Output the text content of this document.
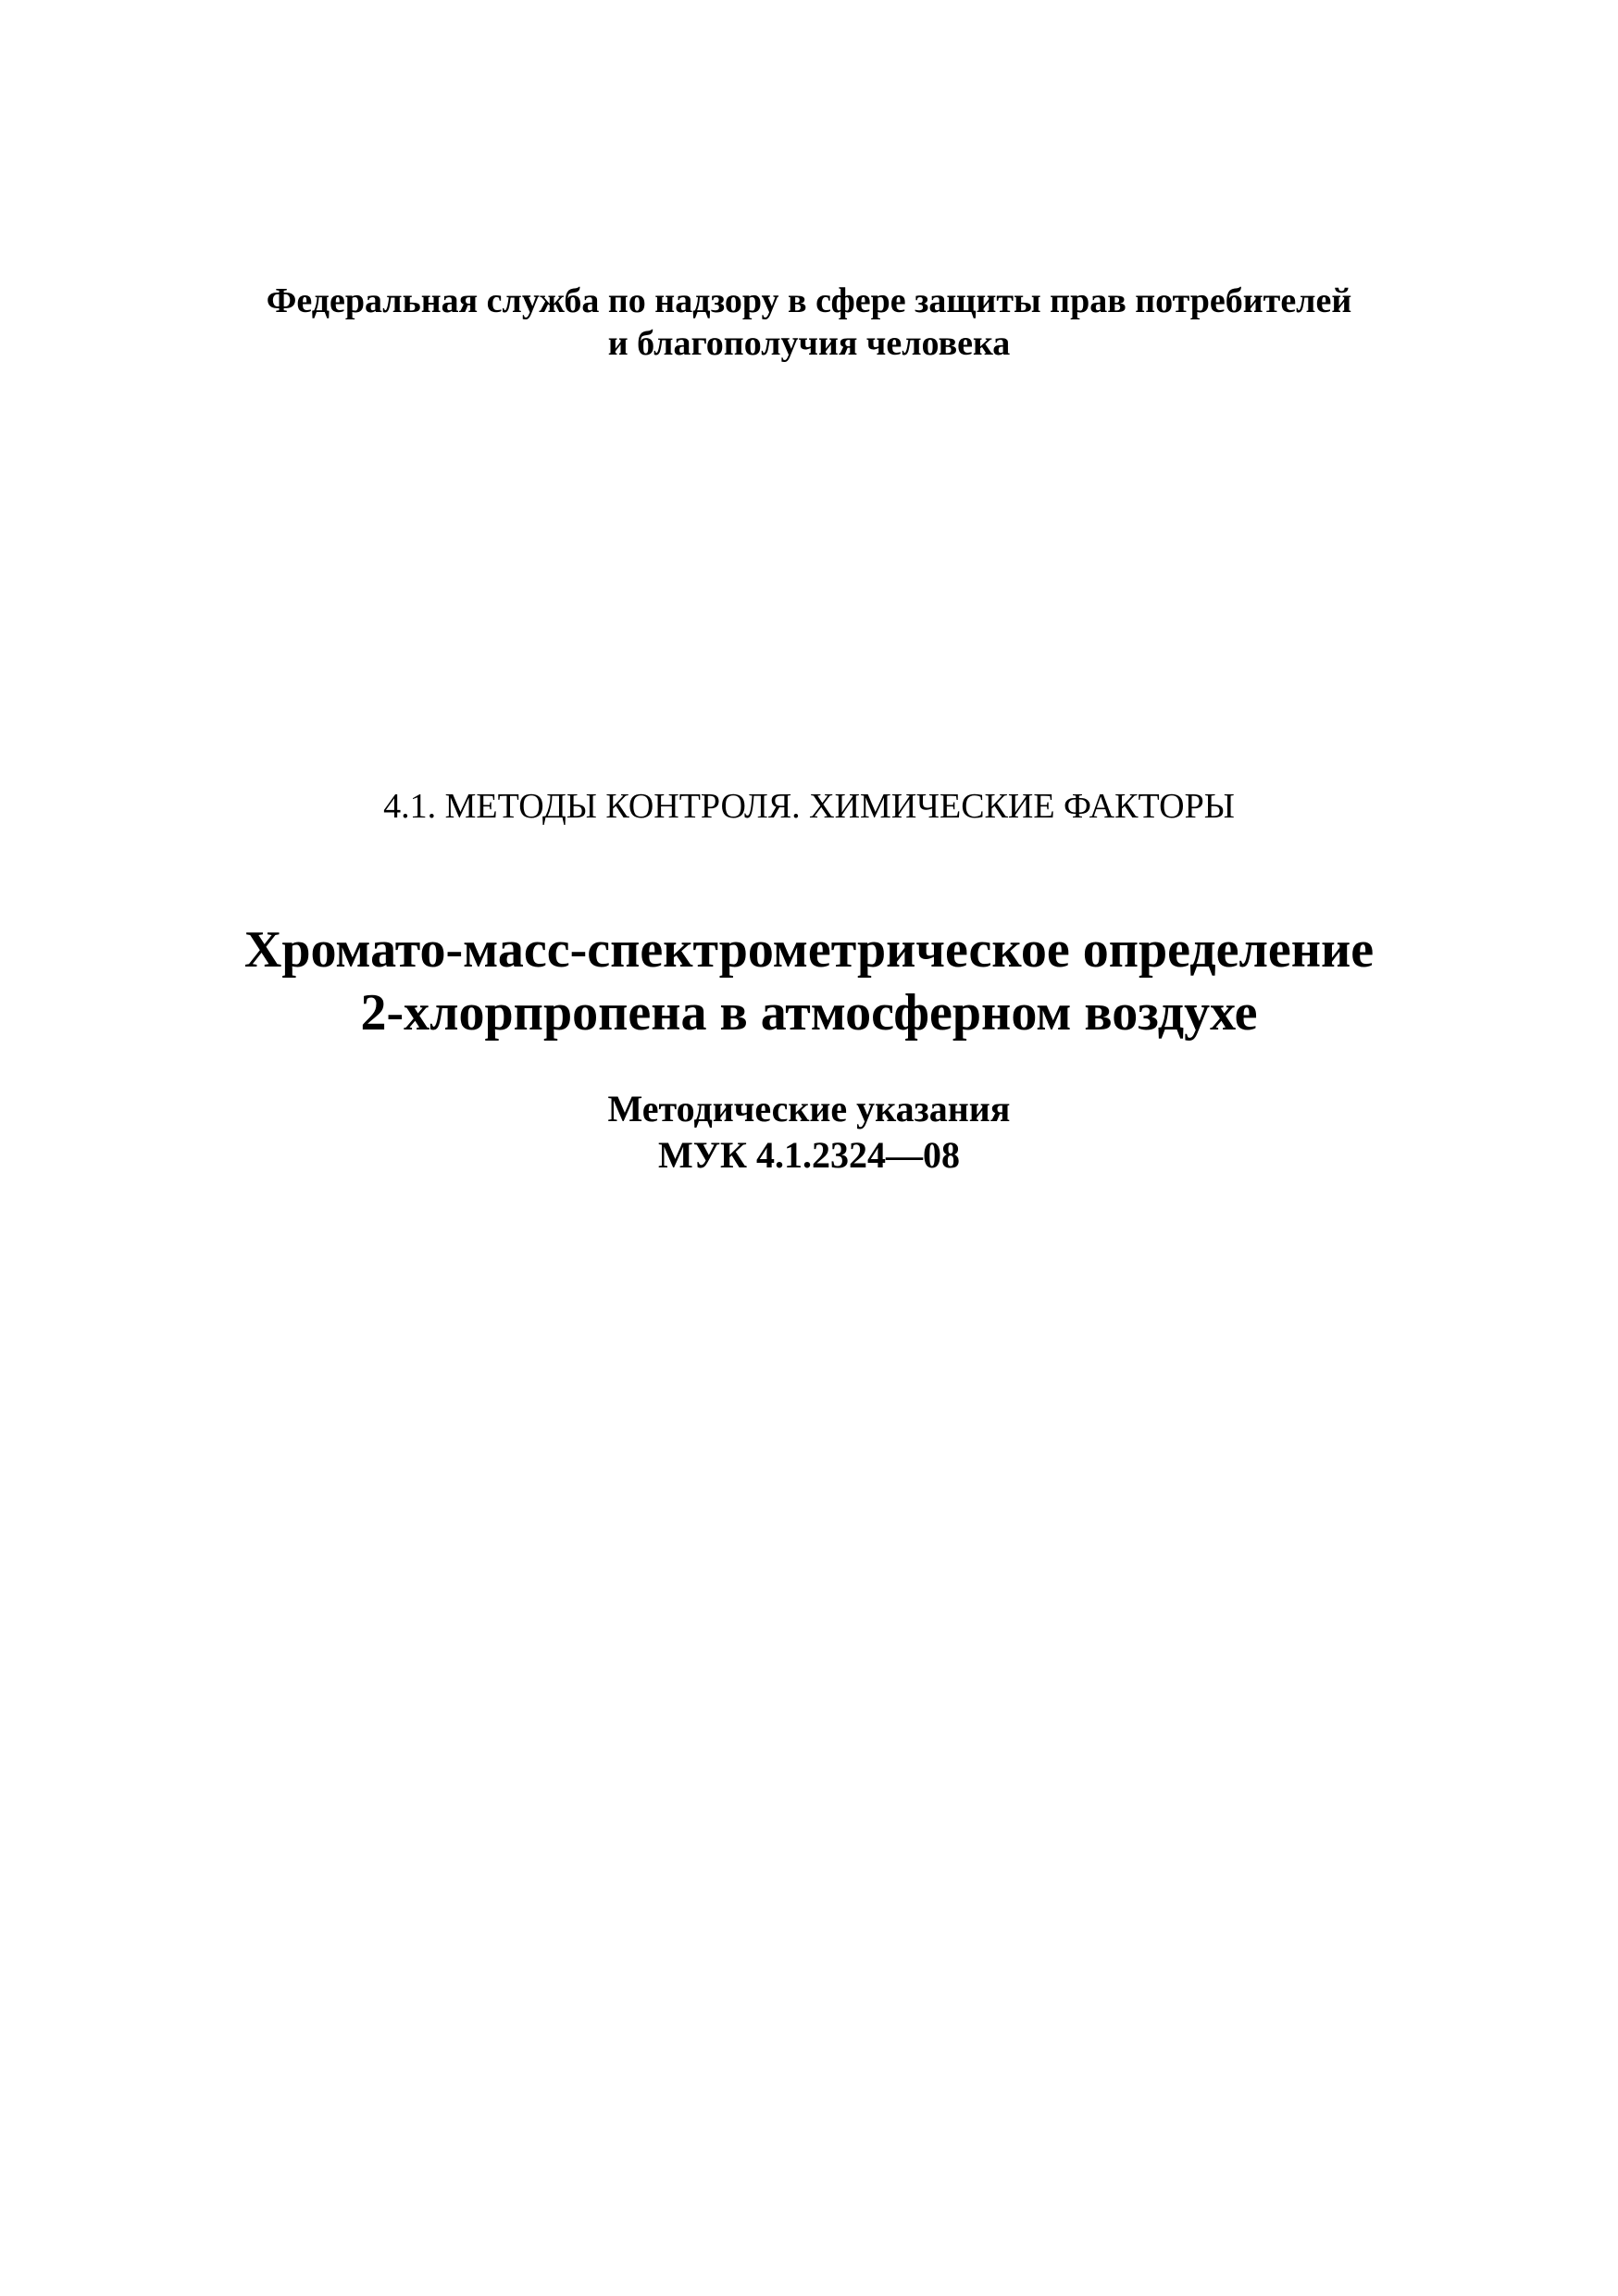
Федеральная служба по надзору в сфере защиты прав потребителей
и благополучия человека
4.1. МЕТОДЫ КОНТРОЛЯ. ХИМИЧЕСКИЕ ФАКТОРЫ
Хромато-масс-спектрометрическое определение
2-хлорпропена в атмосферном воздухе
Методические указания
МУК 4.1.2324—08
